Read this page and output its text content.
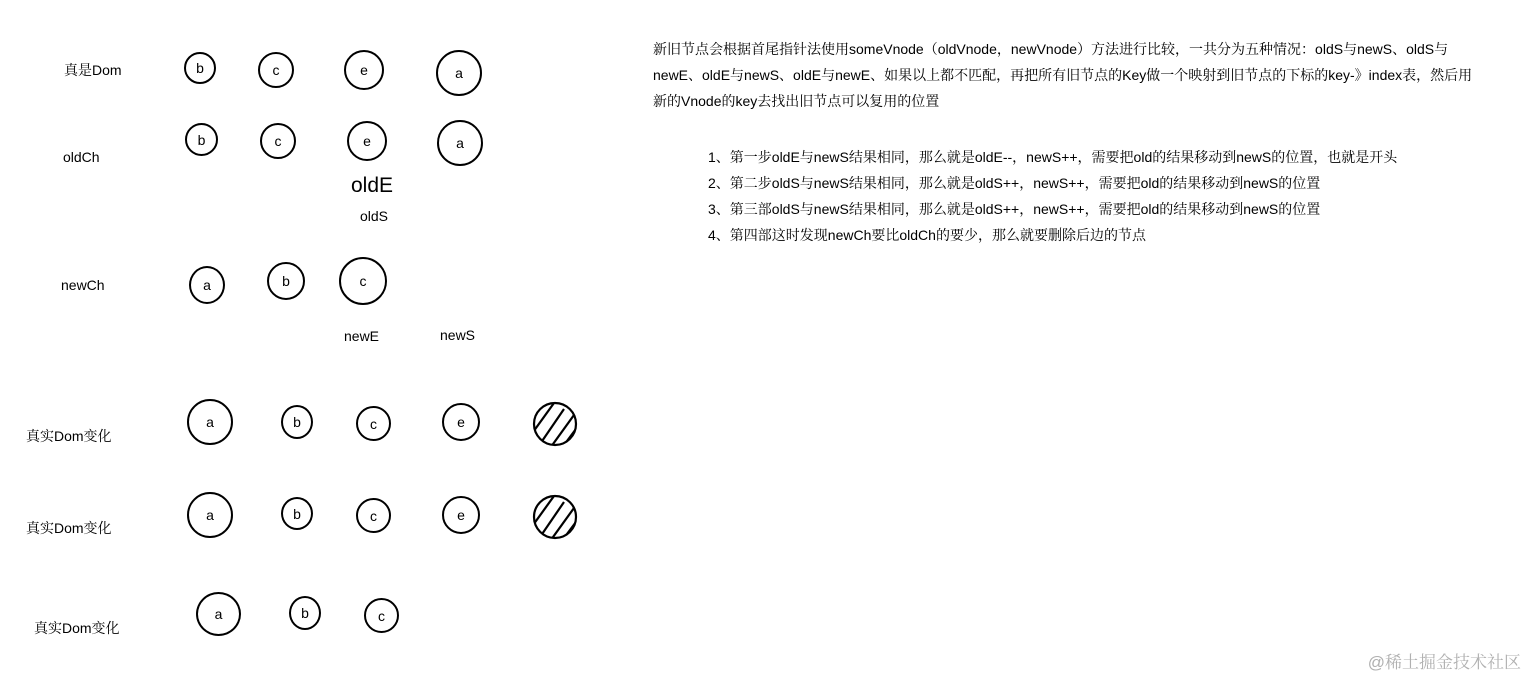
真是Dom	b	c	e	a
oldCh
b	c	e	a
oldE
oldS
newCh	a	b	c
newE	newS
真实Dom变化
a	b	c	e
真实Dom变化
a	b	c	e
真实Dom变化
a	b	c
新旧节点会根据首尾指针法使用someVnode（oldVnode，newVnode）方法进行比较，一共分为五种情况：oldS与newS、oldS与newE、oldE与newS、oldE与newE、如果以上都不匹配，再把所有旧节点的Key做一个映射到旧节点的下标的key-》index表，然后用新的Vnode的key去找出旧节点可以复用的位置
1、第一步oldE与newS结果相同，那么就是oldE--，newS++，需要把old的结果移动到newS的位置，也就是开头
2、第二步oldS与newS结果相同，那么就是oldS++，newS++，需要把old的结果移动到newS的位置
3、第三部oldS与newS结果相同，那么就是oldS++，newS++，需要把old的结果移动到newS的位置
4、第四部这时发现newCh要比oldCh的要少，那么就要删除后边的节点
@稀土掘金技术社区
